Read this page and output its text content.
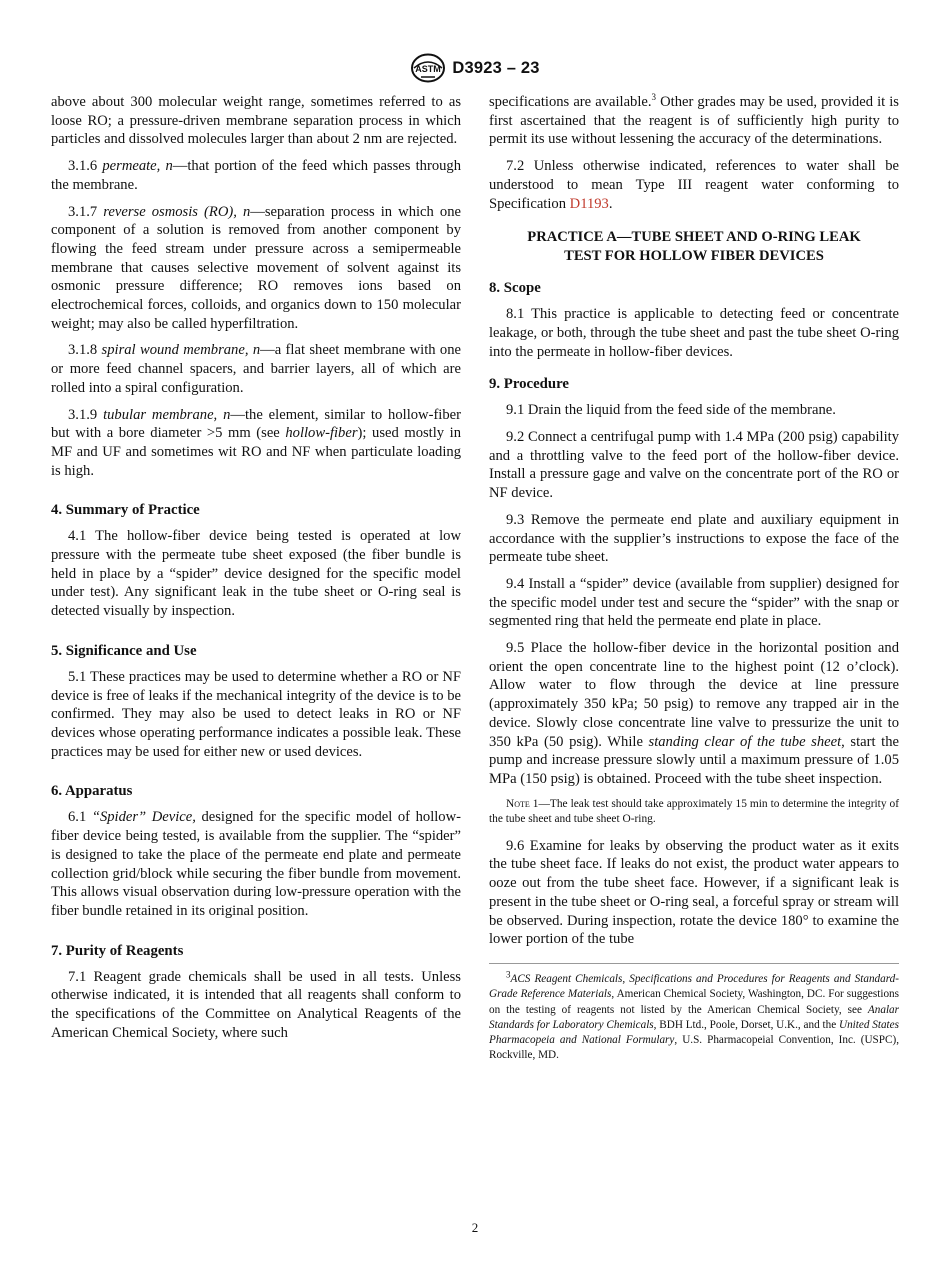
ASTM D3923 – 23

above about 300 molecular weight range, sometimes referred to as loose RO; a pressure-driven membrane separation process in which particles and dissolved molecules larger than about 2 nm are rejected.

3.1.6 permeate, n—that portion of the feed which passes through the membrane.

3.1.7 reverse osmosis (RO), n—separation process in which one component of a solution is removed from another component by flowing the feed stream under pressure across a semipermeable membrane that causes selective movement of solvent against its osmonic pressure difference; RO removes ions based on electrochemical forces, colloids, and organics down to 150 molecular weight; may also be called hyperfiltration.

3.1.8 spiral wound membrane, n—a flat sheet membrane with one or more feed channel spacers, and barrier layers, all of which are rolled into a spiral configuration.

3.1.9 tubular membrane, n—the element, similar to hollow-fiber but with a bore diameter >5 mm (see hollow-fiber); used mostly in MF and UF and sometimes wit RO and NF when particulate loading is high.

4. Summary of Practice

4.1 The hollow-fiber device being tested is operated at low pressure with the permeate tube sheet exposed (the fiber bundle is held in place by a “spider” device designed for the specific model under test). Any significant leak in the tube sheet or O-ring seal is detected visually by inspection.

5. Significance and Use

5.1 These practices may be used to determine whether a RO or NF device is free of leaks if the mechanical integrity of the device is to be confirmed. They may also be used to detect leaks in RO or NF devices whose operating performance indicates a possible leak. These practices may be used for either new or used devices.

6. Apparatus

6.1 “Spider” Device, designed for the specific model of hollow-fiber device being tested, is available from the supplier. The “spider” is designed to take the place of the permeate end plate and permeate collection grid/block while securing the fiber bundle from movement. This allows visual observation during low-pressure operation with the fiber bundle retained in its original position.

7. Purity of Reagents

7.1 Reagent grade chemicals shall be used in all tests. Unless otherwise indicated, it is intended that all reagents shall conform to the specifications of the Committee on Analytical Reagents of the American Chemical Society, where such

specifications are available.$^3$ Other grades may be used, provided it is first ascertained that the reagent is of sufficiently high purity to permit its use without lessening the accuracy of the determinations.

7.2 Unless otherwise indicated, references to water shall be understood to mean Type III reagent water conforming to Specification D1193.

PRACTICE A—TUBE SHEET AND O-RING LEAK
TEST FOR HOLLOW FIBER DEVICES
8. Scope

8.1 This practice is applicable to detecting feed or concentrate leakage, or both, through the tube sheet and past the tube sheet O-ring into the permeate in hollow-fiber devices.

9. Procedure

9.1 Drain the liquid from the feed side of the membrane.

9.2 Connect a centrifugal pump with 1.4 MPa (200 psig) capability and a throttling valve to the feed port of the hollow-fiber device. Install a pressure gage and valve on the concentrate port of the RO or NF device.

9.3 Remove the permeate end plate and auxiliary equipment in accordance with the supplier’s instructions to expose the face of the permeate tube sheet.

9.4 Install a “spider” device (available from supplier) designed for the specific model under test and secure the “spider” with the snap or segmented ring that held the permeate end plate in place.

9.5 Place the hollow-fiber device in the horizontal position and orient the open concentrate line to the highest point (12 o’clock). Allow water to flow through the device at line pressure (approximately 350 kPa; 50 psig) to remove any trapped air in the device. Slowly close concentrate line valve to pressurize the unit to 350 kPa (50 psig). While standing clear of the tube sheet, start the pump and increase pressure slowly until a maximum pressure of 1.05 MPa (150 psig) is obtained. Proceed with the tube sheet inspection.

Note 1—The leak test should take approximately 15 min to determine the integrity of the tube sheet and tube sheet O-ring.

9.6 Examine for leaks by observing the product water as it exits the tube sheet face. If leaks do not exist, the product water appears to ooze out from the tube sheet face. However, if a significant leak is present in the tube sheet or O-ring seal, a forceful spray or stream will be observed. During inspection, rotate the device 180° to examine the lower portion of the tube

$^3$ACS Reagent Chemicals, Specifications and Procedures for Reagents and Standard-Grade Reference Materials, American Chemical Society, Washington, DC. For suggestions on the testing of reagents not listed by the American Chemical Society, see Analar Standards for Laboratory Chemicals, BDH Ltd., Poole, Dorset, U.K., and the United States Pharmacopeia and National Formulary, U.S. Pharmacopeial Convention, Inc. (USPC), Rockville, MD.

2
